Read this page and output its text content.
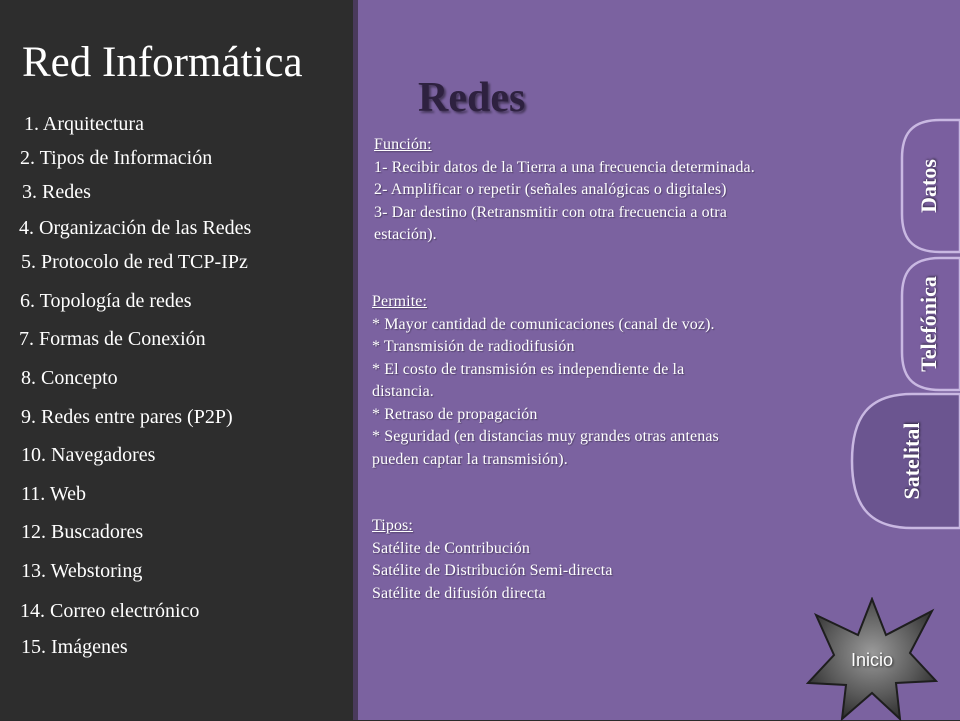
Red Informática
1. Arquitectura
2. Tipos de Información
3. Redes
4. Organización de las Redes
5. Protocolo de red TCP-IPz
6. Topología de redes
7. Formas de Conexión
8. Concepto
9. Redes entre pares (P2P)
10. Navegadores
11. Web
12. Buscadores
13. Webstoring
14. Correo electrónico
15. Imágenes
Redes
Función:
1- Recibir datos de la Tierra a una frecuencia determinada.
2- Amplificar o repetir (señales analógicas o digitales)
3- Dar destino (Retransmitir con otra frecuencia a otra
estación).
Permite:
* Mayor cantidad de comunicaciones (canal de voz).
* Transmisión de radiodifusión
* El costo de transmisión es independiente de la
distancia.
* Retraso de propagación
* Seguridad (en distancias muy grandes otras antenas
pueden captar la transmisión).
Tipos:
Satélite de Contribución
Satélite de Distribución Semi-directa
Satélite de difusión directa
Datos
Telefónica
Satelital
Inicio
